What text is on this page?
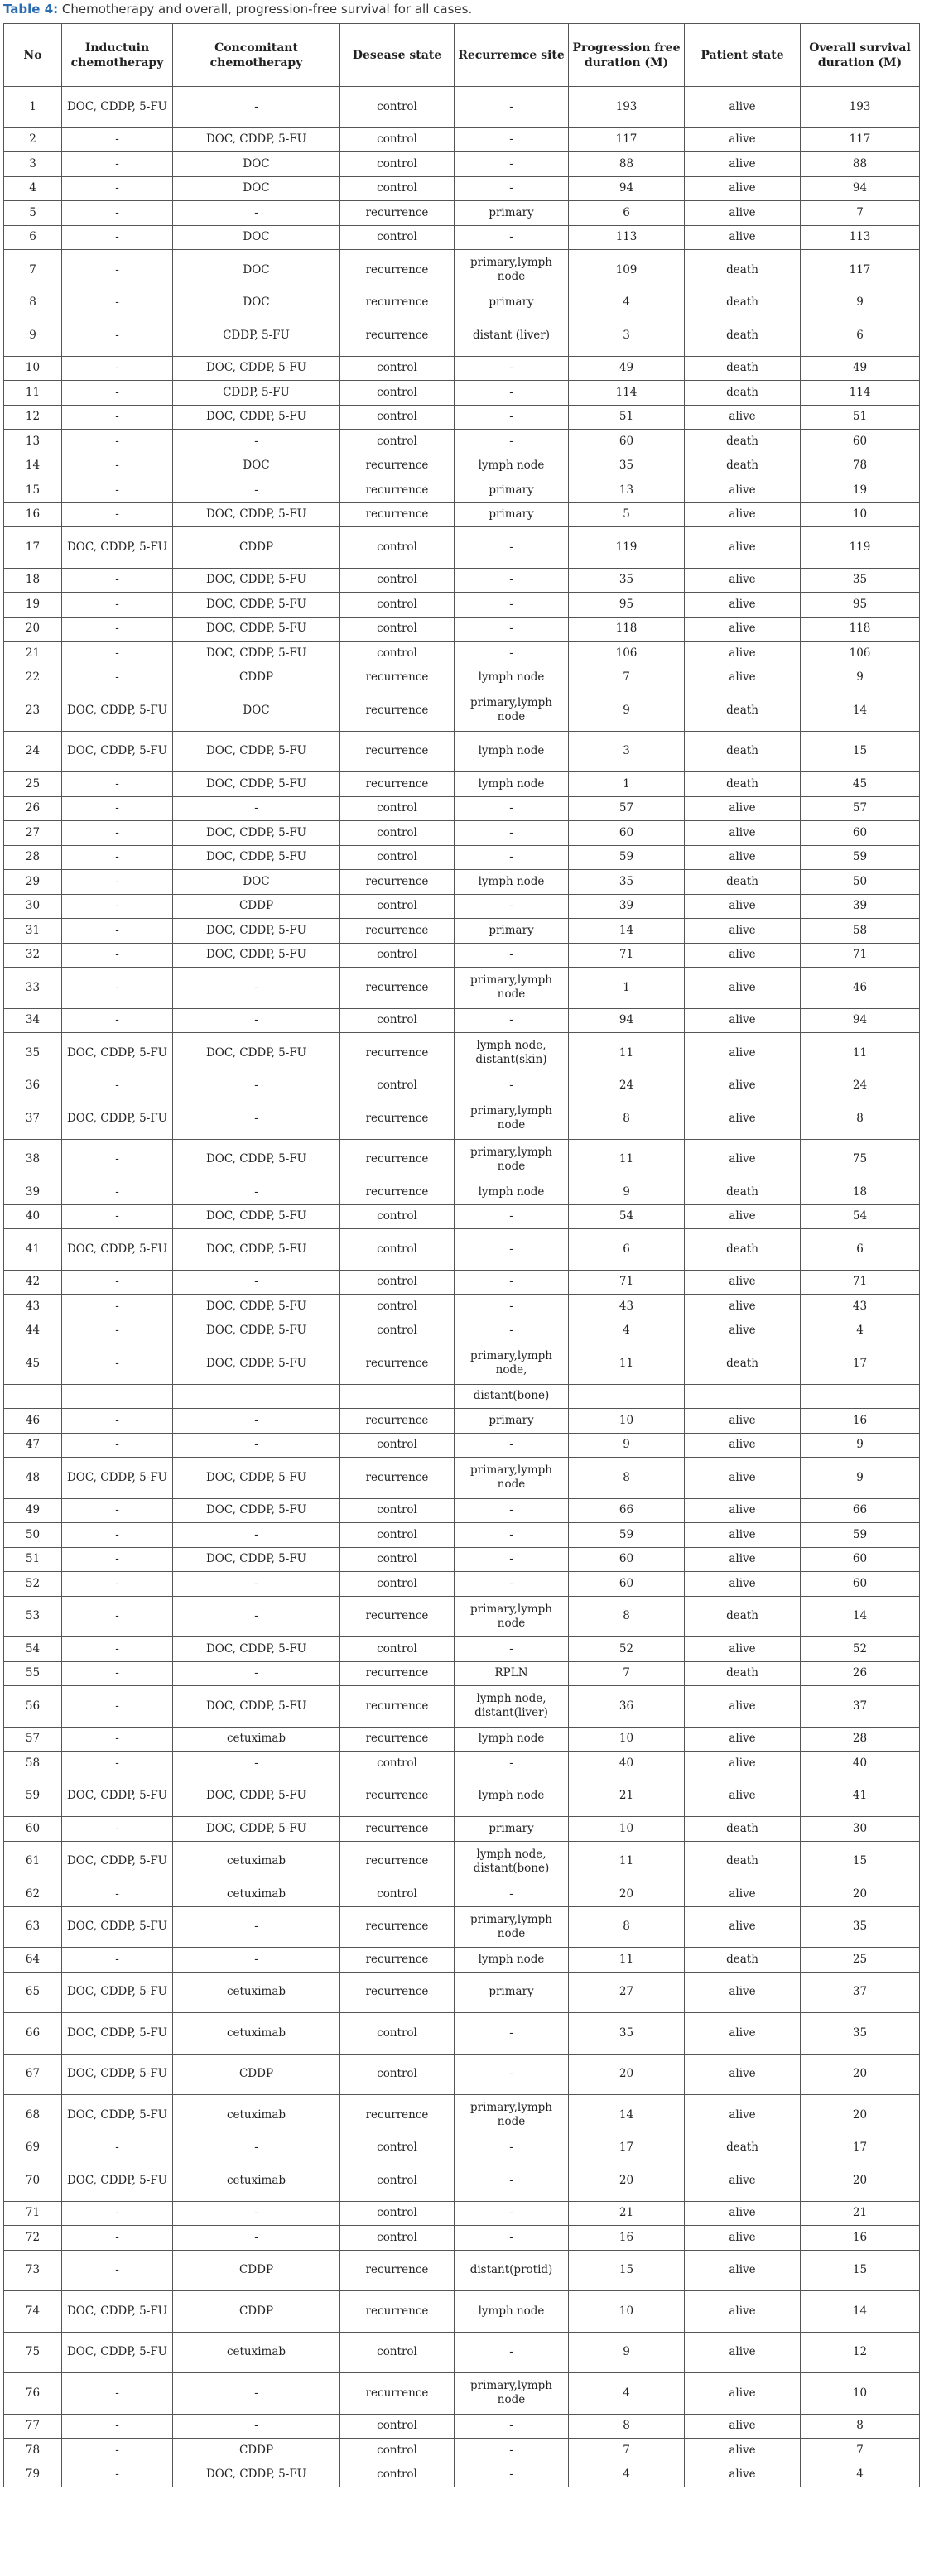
Table 4: Chemotherapy and overall, progression-free survival for all cases.
No	Inductuin chemotherapy	Concomitant chemotherapy	Desease state	Recurremce site	Progression free duration (M)	Patient state	Overall survival duration (M)
1	DOC, CDDP, 5-FU	-	control	-	193	alive	193
2	-	DOC, CDDP, 5-FU	control	-	117	alive	117
3	-	DOC	control	-	88	alive	88
4	-	DOC	control	-	94	alive	94
5	-	-	recurrence	primary	6	alive	7
6	-	DOC	control	-	113	alive	113
7	-	DOC	recurrence	primary,lymph node	109	death	117
8	-	DOC	recurrence	primary	4	death	9
9	-	CDDP, 5-FU	recurrence	distant (liver)	3	death	6
10	-	DOC, CDDP, 5-FU	control	-	49	death	49
11	-	CDDP, 5-FU	control	-	114	death	114
12	-	DOC, CDDP, 5-FU	control	-	51	alive	51
13	-	-	control	-	60	death	60
14	-	DOC	recurrence	lymph node	35	death	78
15	-	-	recurrence	primary	13	alive	19
16	-	DOC, CDDP, 5-FU	recurrence	primary	5	alive	10
17	DOC, CDDP, 5-FU	CDDP	control	-	119	alive	119
18	-	DOC, CDDP, 5-FU	control	-	35	alive	35
19	-	DOC, CDDP, 5-FU	control	-	95	alive	95
20	-	DOC, CDDP, 5-FU	control	-	118	alive	118
21	-	DOC, CDDP, 5-FU	control	-	106	alive	106
22	-	CDDP	recurrence	lymph node	7	alive	9
23	DOC, CDDP, 5-FU	DOC	recurrence	primary,lymph node	9	death	14
24	DOC, CDDP, 5-FU	DOC, CDDP, 5-FU	recurrence	lymph node	3	death	15
25	-	DOC, CDDP, 5-FU	recurrence	lymph node	1	death	45
26	-	-	control	-	57	alive	57
27	-	DOC, CDDP, 5-FU	control	-	60	alive	60
28	-	DOC, CDDP, 5-FU	control	-	59	alive	59
29	-	DOC	recurrence	lymph node	35	death	50
30	-	CDDP	control	-	39	alive	39
31	-	DOC, CDDP, 5-FU	recurrence	primary	14	alive	58
32	-	DOC, CDDP, 5-FU	control	-	71	alive	71
33	-	-	recurrence	primary,lymph node	1	alive	46
34	-	-	control	-	94	alive	94
35	DOC, CDDP, 5-FU	DOC, CDDP, 5-FU	recurrence	lymph node, distant(skin)	11	alive	11
36	-	-	control	-	24	alive	24
37	DOC, CDDP, 5-FU	-	recurrence	primary,lymph node	8	alive	8
38	-	DOC, CDDP, 5-FU	recurrence	primary,lymph node	11	alive	75
39	-	-	recurrence	lymph node	9	death	18
40	-	DOC, CDDP, 5-FU	control	-	54	alive	54
41	DOC, CDDP, 5-FU	DOC, CDDP, 5-FU	control	-	6	death	6
42	-	-	control	-	71	alive	71
43	-	DOC, CDDP, 5-FU	control	-	43	alive	43
44	-	DOC, CDDP, 5-FU	control	-	4	alive	4
45	-	DOC, CDDP, 5-FU	recurrence	primary,lymph node,	11	death	17
				distant(bone)			
46	-	-	recurrence	primary	10	alive	16
47	-	-	control	-	9	alive	9
48	DOC, CDDP, 5-FU	DOC, CDDP, 5-FU	recurrence	primary,lymph node	8	alive	9
49	-	DOC, CDDP, 5-FU	control	-	66	alive	66
50	-	-	control	-	59	alive	59
51	-	DOC, CDDP, 5-FU	control	-	60	alive	60
52	-	-	control	-	60	alive	60
53	-	-	recurrence	primary,lymph node	8	death	14
54	-	DOC, CDDP, 5-FU	control	-	52	alive	52
55	-	-	recurrence	RPLN	7	death	26
56	-	DOC, CDDP, 5-FU	recurrence	lymph node, distant(liver)	36	alive	37
57	-	cetuximab	recurrence	lymph node	10	alive	28
58	-	-	control	-	40	alive	40
59	DOC, CDDP, 5-FU	DOC, CDDP, 5-FU	recurrence	lymph node	21	alive	41
60	-	DOC, CDDP, 5-FU	recurrence	primary	10	death	30
61	DOC, CDDP, 5-FU	cetuximab	recurrence	lymph node, distant(bone)	11	death	15
62	-	cetuximab	control	-	20	alive	20
63	DOC, CDDP, 5-FU	-	recurrence	primary,lymph node	8	alive	35
64	-	-	recurrence	lymph node	11	death	25
65	DOC, CDDP, 5-FU	cetuximab	recurrence	primary	27	alive	37
66	DOC, CDDP, 5-FU	cetuximab	control	-	35	alive	35
67	DOC, CDDP, 5-FU	CDDP	control	-	20	alive	20
68	DOC, CDDP, 5-FU	cetuximab	recurrence	primary,lymph node	14	alive	20
69	-	-	control	-	17	death	17
70	DOC, CDDP, 5-FU	cetuximab	control	-	20	alive	20
71	-	-	control	-	21	alive	21
72	-	-	control	-	16	alive	16
73	-	CDDP	recurrence	distant(protid)	15	alive	15
74	DOC, CDDP, 5-FU	CDDP	recurrence	lymph node	10	alive	14
75	DOC, CDDP, 5-FU	cetuximab	control	-	9	alive	12
76	-	-	recurrence	primary,lymph node	4	alive	10
77	-	-	control	-	8	alive	8
78	-	CDDP	control	-	7	alive	7
79	-	DOC, CDDP, 5-FU	control	-	4	alive	4
